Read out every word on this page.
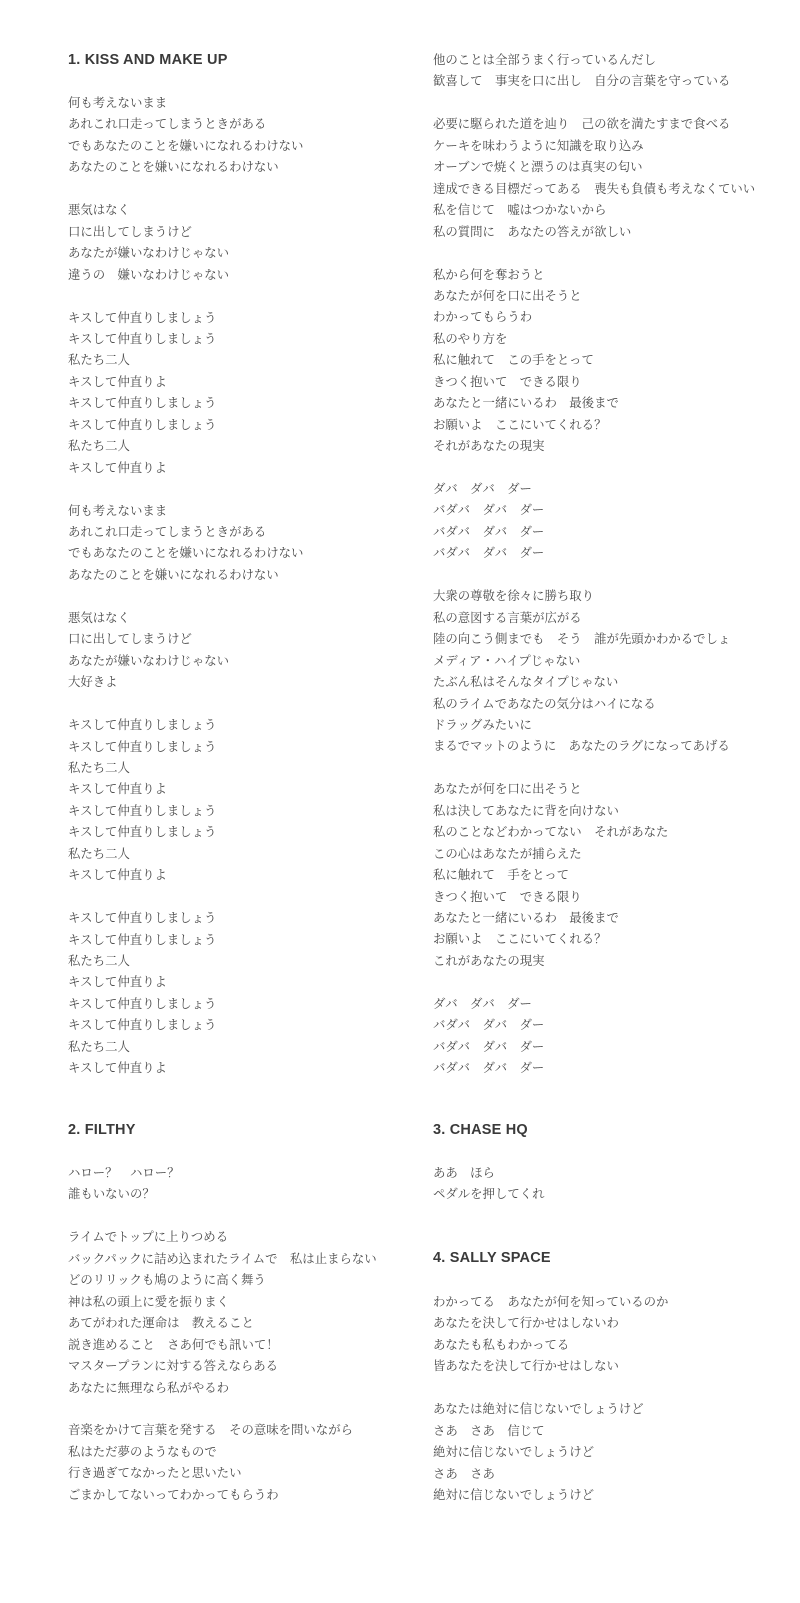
1. KISS AND MAKE UP

何も考えないまま

あれこれ口走ってしまうときがある

でもあなたのことを嫌いになれるわけない

あなたのことを嫌いになれるわけない

悪気はなく

口に出してしまうけど

あなたが嫌いなわけじゃない

違うの　嫌いなわけじゃない

キスして仲直りしましょう

キスして仲直りしましょう

私たち二人

キスして仲直りよ

キスして仲直りしましょう

キスして仲直りしましょう

私たち二人

キスして仲直りよ

何も考えないまま

あれこれ口走ってしまうときがある

でもあなたのことを嫌いになれるわけない

あなたのことを嫌いになれるわけない

悪気はなく

口に出してしまうけど

あなたが嫌いなわけじゃない

大好きよ

キスして仲直りしましょう

キスして仲直りしましょう

私たち二人

キスして仲直りよ

キスして仲直りしましょう

キスして仲直りしましょう

私たち二人

キスして仲直りよ

キスして仲直りしましょう

キスして仲直りしましょう

私たち二人

キスして仲直りよ

キスして仲直りしましょう

キスして仲直りしましょう

私たち二人

キスして仲直りよ

他のことは全部うまく行っているんだし

歓喜して　事実を口に出し　自分の言葉を守っている

必要に駆られた道を辿り　己の欲を満たすまで食べる

ケーキを味わうように知識を取り込み

オーブンで焼くと漂うのは真実の匂い

達成できる目標だってある　喪失も負債も考えなくていい

私を信じて　嘘はつかないから

私の質問に　あなたの答えが欲しい

私から何を奪おうと

あなたが何を口に出そうと

わかってもらうわ

私のやり方を

私に触れて　この手をとって

きつく抱いて　できる限り

あなたと一緒にいるわ　最後まで

お願いよ　ここにいてくれる？

それがあなたの現実

ダバ　ダバ　ダー

バダバ　ダバ　ダー

バダバ　ダバ　ダー

バダバ　ダバ　ダー

大衆の尊敬を徐々に勝ち取り

私の意図する言葉が広がる

陸の向こう側までも　そう　誰が先頭かわかるでしょ

メディア・ハイプじゃない

たぶん私はそんなタイプじゃない

私のライムであなたの気分はハイになる

ドラッグみたいに

まるでマットのように　あなたのラグになってあげる

あなたが何を口に出そうと

私は決してあなたに背を向けない

私のことなどわかってない　それがあなた

この心はあなたが捕らえた

私に触れて　手をとって

きつく抱いて　できる限り

あなたと一緒にいるわ　最後まで

お願いよ　ここにいてくれる？

これがあなたの現実

ダバ　ダバ　ダー

バダバ　ダバ　ダー

バダバ　ダバ　ダー

バダバ　ダバ　ダー

2. FILTHY

ハロー？　ハロー？

誰もいないの？

ライムでトップに上りつめる

バックパックに詰め込まれたライムで　私は止まらない

どのリリックも鳩のように高く舞う

神は私の頭上に愛を振りまく

あてがわれた運命は　教えること

説き進めること　さあ何でも訊いて！

マスタープランに対する答えならある

あなたに無理なら私がやるわ

音楽をかけて言葉を発する　その意味を問いながら

私はただ夢のようなもので

行き過ぎてなかったと思いたい

ごまかしてないってわかってもらうわ

3. CHASE HQ

ああ　ほら

ペダルを押してくれ

4. SALLY SPACE

わかってる　あなたが何を知っているのか

あなたを決して行かせはしないわ

あなたも私もわかってる

皆あなたを決して行かせはしない

あなたは絶対に信じないでしょうけど

さあ　さあ　信じて

絶対に信じないでしょうけど

さあ　さあ

絶対に信じないでしょうけど
